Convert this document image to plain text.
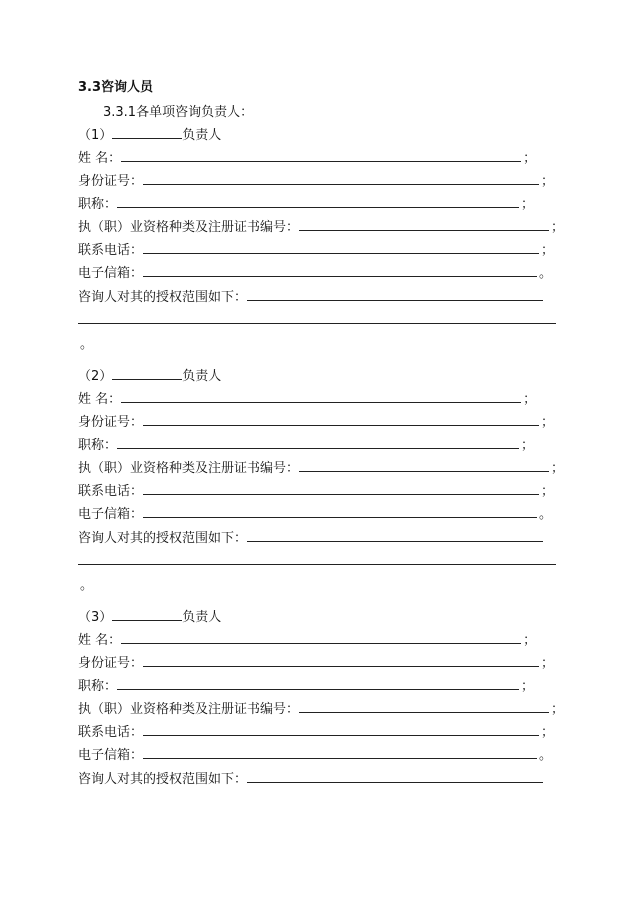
3.3咨询人员
3.3.1各单项咨询负责人：
（1）	负责人
姓 名：	；
身份证号：	；
职称：	；
执（职）业资格种类及注册证书编号：	；
联系电话：	；
电子信箱：	。
咨询人对其的授权范围如下：
。
（2）	负责人
姓 名：	；
身份证号：	；
职称：	；
执（职）业资格种类及注册证书编号：	；
联系电话：	；
电子信箱：	。
咨询人对其的授权范围如下：
。
（3）	负责人
姓 名：	；
身份证号：	；
职称：	；
执（职）业资格种类及注册证书编号：	；
联系电话：	；
电子信箱：	。
咨询人对其的授权范围如下：
